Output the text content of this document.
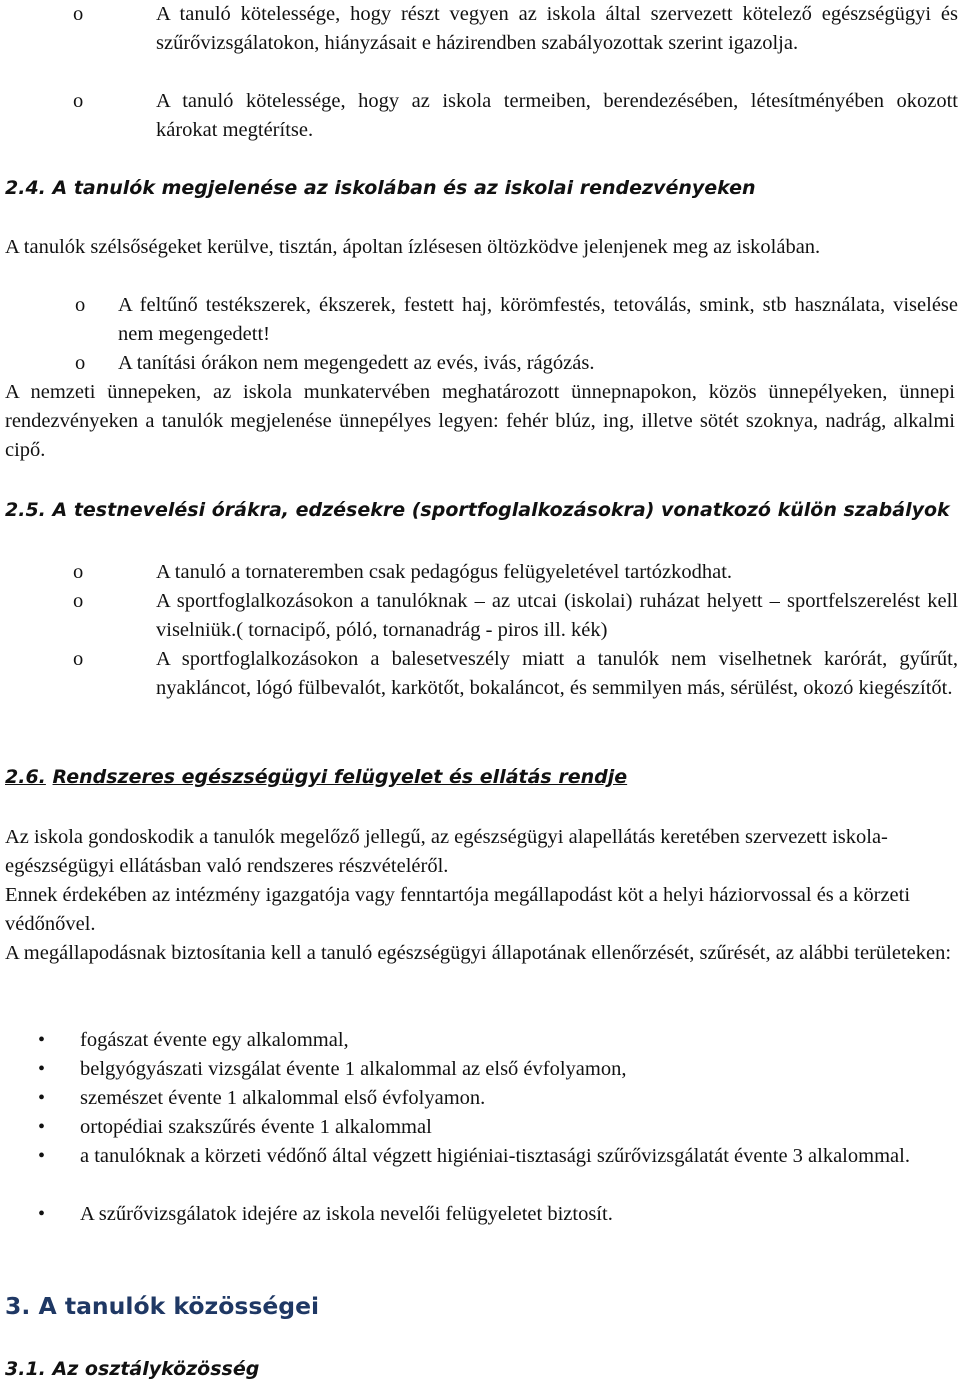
o	A tanuló kötelessége, hogy részt vegyen az iskola által szervezett kötelező egészségügyi és szűrővizsgálatokon, hiányzásait e házirendben szabályozottak szerint igazolja.

o	A tanuló kötelessége, hogy az iskola termeiben, berendezésében, létesítményében okozott károkat megtérítse.

2.4. A tanulók megjelenése az iskolában és az iskolai rendezvényeken

A tanulók szélsőségeket kerülve, tisztán, ápoltan ízlésesen öltözködve jelenjenek meg az iskolában.

o	A feltűnő testékszerek, ékszerek, festett haj, körömfestés, tetoválás, smink, stb használata, viselése nem megengedett!

o	A tanítási órákon nem megengedett az evés, ivás, rágózás.

A nemzeti ünnepeken, az iskola munkatervében meghatározott ünnepnapokon, közös ünnepélyeken, ünnepi rendezvényeken a tanulók megjelenése ünnepélyes legyen: fehér blúz, ing, illetve sötét szoknya, nadrág, alkalmi cipő.

2.5. A testnevelési órákra, edzésekre (sportfoglalkozásokra) vonatkozó külön szabályok

o	A tanuló a tornateremben csak pedagógus felügyeletével tartózkodhat.

o	A sportfoglalkozásokon a tanulóknak – az utcai (iskolai) ruházat helyett – sportfelszerelést kell viselniük.( tornacipő, póló, tornanadrág - piros ill. kék)

o	A sportfoglalkozásokon a balesetveszély miatt a tanulók nem viselhetnek karórát, gyűrűt, nyakláncot, lógó fülbevalót, karkötőt, bokaláncot, és semmilyen más, sérülést, okozó kiegészítőt.

2.6. Rendszeres egészségügyi felügyelet és ellátás rendje

Az iskola gondoskodik a tanulók megelőző jellegű, az egészségügyi alapellátás keretében szervezett iskola-egészségügyi ellátásban való rendszeres részvételéről.

Ennek érdekében az intézmény igazgatója vagy fenntartója megállapodást köt a helyi háziorvossal és a körzeti védőnővel.

A megállapodásnak biztosítania kell a tanuló egészségügyi állapotának ellenőrzését, szűrését, az alábbi területeken:

• fogászat évente egy alkalommal,

• belgyógyászati vizsgálat évente 1 alkalommal az első évfolyamon,

• szemészet évente 1 alkalommal első évfolyamon.

• ortopédiai szakszűrés évente 1 alkalommal

• a tanulóknak a körzeti védőnő által végzett higiéniai-tisztasági szűrővizsgálatát évente 3 alkalommal.

• A szűrővizsgálatok idejére az iskola nevelői felügyeletet biztosít.

3. A tanulók közösségei
3.1. Az osztályközösség
